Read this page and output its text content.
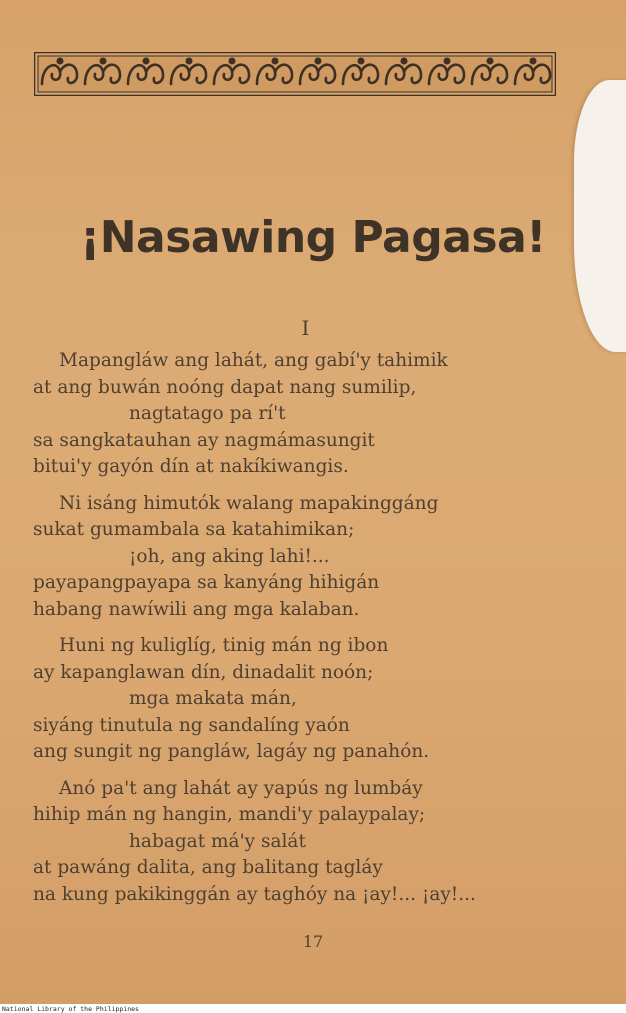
¡Nasawing Pagasa!
I
Mapangláw ang lahát, ang gabí'y tahimik
at ang buwán noóng dapat nang sumilip,
nagtatago pa rí't
sa sangkatauhan ay nagmámasungit
bitui'y gayón dín at nakíkiwangis.
Ni isáng himutók walang mapakinggáng
sukat gumambala sa katahimikan;
¡oh, ang aking lahi!...
payapangpayapa sa kanyáng hihigán
habang nawíwili ang mga kalaban.
Huni ng kuliglíg, tinig mán ng ibon
ay kapanglawan dín, dinadalit noón;
mga makata mán,
siyáng tinutula ng sandalíng yaón
ang sungit ng pangláw, lagáy ng panahón.
Anó pa't ang lahát ay yapús ng lumbáy
hihip mán ng hangin, mandi'y palaypalay;
habagat má'y salát
at pawáng dalita, ang balitang tagláy
na kung pakikinggán ay taghóy na ¡ay!... ¡ay!...
17
National Library of the Philippines
